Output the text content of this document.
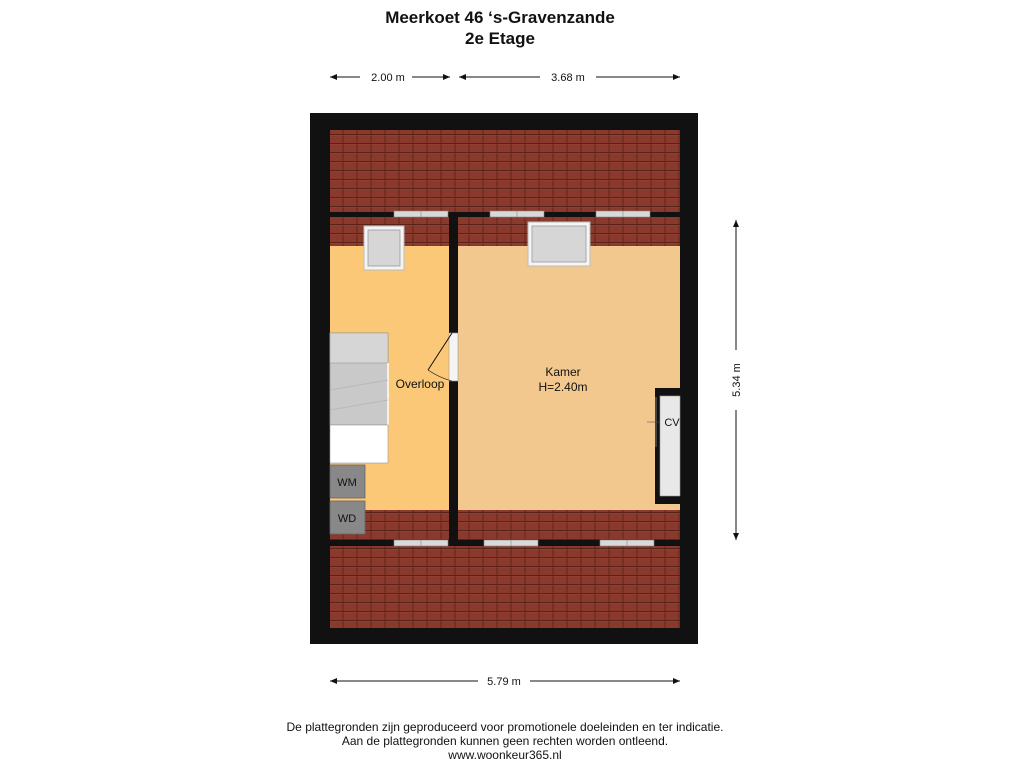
Meerkoet 46 ‘s-Gravenzande
2e Etage
2.00 m	3.68 m
5.34 m
5.79 m
WM
WD
CV
Overloop
Kamer
H=2.40m
De plattegronden zijn geproduceerd voor promotionele doeleinden en ter indicatie.
Aan de plattegronden kunnen geen rechten worden ontleend.
www.woonkeur365.nl
